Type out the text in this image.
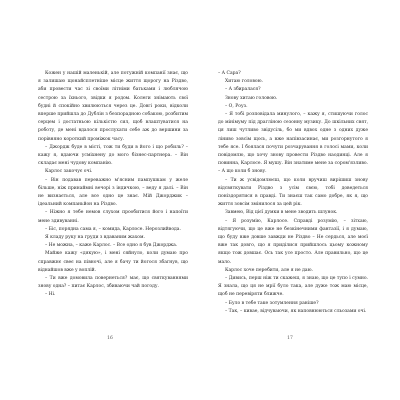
Кожен у нашій маленькій, але потужній компанії знає, що я залишаю щонайсплетніше місце життя щорогу на Різдво, аби провести час зі своїми літніми батьками і люблячою сестрою за їхнього, звідки я родом. Колеги знімають свої будні й спокійно хвилюються через це. Довгі роки, відколи вперше прийшла до Дублін з безпорадною собакою, розбитим серцем і достатньою кількістю сил, щоб влаштуватися на роботу, де мені вдалося прослухати себе аж до вершини за порівняно короткий проміжок часу.

– Джордж буде в місті, тож ти буди в його і що робиль? – кажу я, вдаючи усміхнену до мого бізнес-партнера. – Він складає мені чудову компанію.

Карлос закочує очі.

– Він подавав переважно м'ясним пампушкам у желе більше, ніж принаймні вечорі з індичкою, – веду я далі. – Він не визнається, але все одно це знає. Мій Джорджик – ідеальний компаньйон на Різдво.

– Ніжно я тебе немов слухом прообитися його і напоїти мене здивуванні.

– Біс, порядна сама я, – комида, Карлосе. Нерозлийвода.

Я кладу руку на груди з вдаваним жахом.

– Не можна, – каже Карлос. – Все одно я був Джорджа.

Майже кажу «дякую», і мені сяйнуло, коли думаю про справжнє свеє на півночі, але я бачу ти йогося збагнув, що віднайшов вже у воплій.

– Ти вже домовила повернеться? має, що святкуваннями знову одна? – питає Карлос, збиваючи чай погоду.

– Ні.

16

– А Сара?

Хитаю головою.

– А збиралася?

Знову хитаю головою.

– О, Роуз.

– Я тобі розповідала минулого, – кажу я, стишуючи голос до мінімуму під драгліною сезонну музику. До шкільних свят, ця лиш чутливо звідусіль, бо ми вдвох одне з одних дуже ліниво зовсім щось, а вже напівзасинає, ми розгорнутого я тебе ясе. І боялася почути розчарування в голосі мами, коли повідомлю, що хочу знову провести Різдво наодинці. Але я повинна, Карлосе. Я мушу. Він знатиме мене за сором'язливо. – А що коли б знову.

– Ти ж усвідомлюєш, що коли вручиш вирішиш знову відсвяткувати Різдво з усім свєю, тобі доведеться поніздорятися в правді. Ти знаєш так само добре, як я, що життя зовсім змінилося за цей рік.

Завмею, Від цієї думки в мене зводить шлунок.

– Я розумію, Карлосе. Справді розумію, – зітхаю, відтягуючи, що це вже не безкінечними фантазії, і я думаю, що буду вже довше завжди не Різдво – Не сердься, але моєї вже так довго, що я приділися прийшлось цьому кожному якщо тож довшає. Ось так усе просто. Але правильно, що це мало.

Карлос хоче перебити, але я не даю.

– Дивись, перш ніж ти скажеш, я знаю, що це тупо і сумно. Я знала, що ця не мрії було така, але дуже тож маю місце, щоб не перевіряти ближче.

– Було в тебе таке зотумлення раніше?

– Так, – кивае, відчуваючи, як наповнюються сльозами очі.

17
